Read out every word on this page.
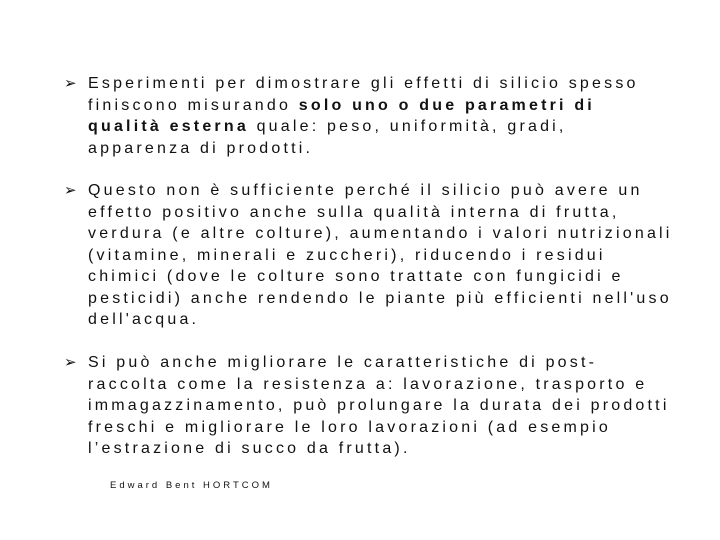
➢ Esperimenti per dimostrare gli effetti di silicio spesso finiscono misurando solo uno o due parametri di qualità esterna quale: peso, uniformità, gradi, apparenza di prodotti.
➢ Questo non è sufficiente perché il silicio può avere un effetto positivo anche sulla qualità interna di frutta, verdura (e altre colture), aumentando i valori nutrizionali (vitamine, minerali e zuccheri), riducendo i residui chimici (dove le colture sono trattate con fungicidi e pesticidi) anche rendendo le piante più efficienti nell'uso dell'acqua.
➢ Si può anche migliorare le caratteristiche di post-raccolta come la resistenza a: lavorazione, trasporto e immagazzinamento, può prolungare la durata dei prodotti freschi e migliorare le loro lavorazioni (ad esempio l’estrazione di succo da frutta).
Edward Bent HORTCOM
